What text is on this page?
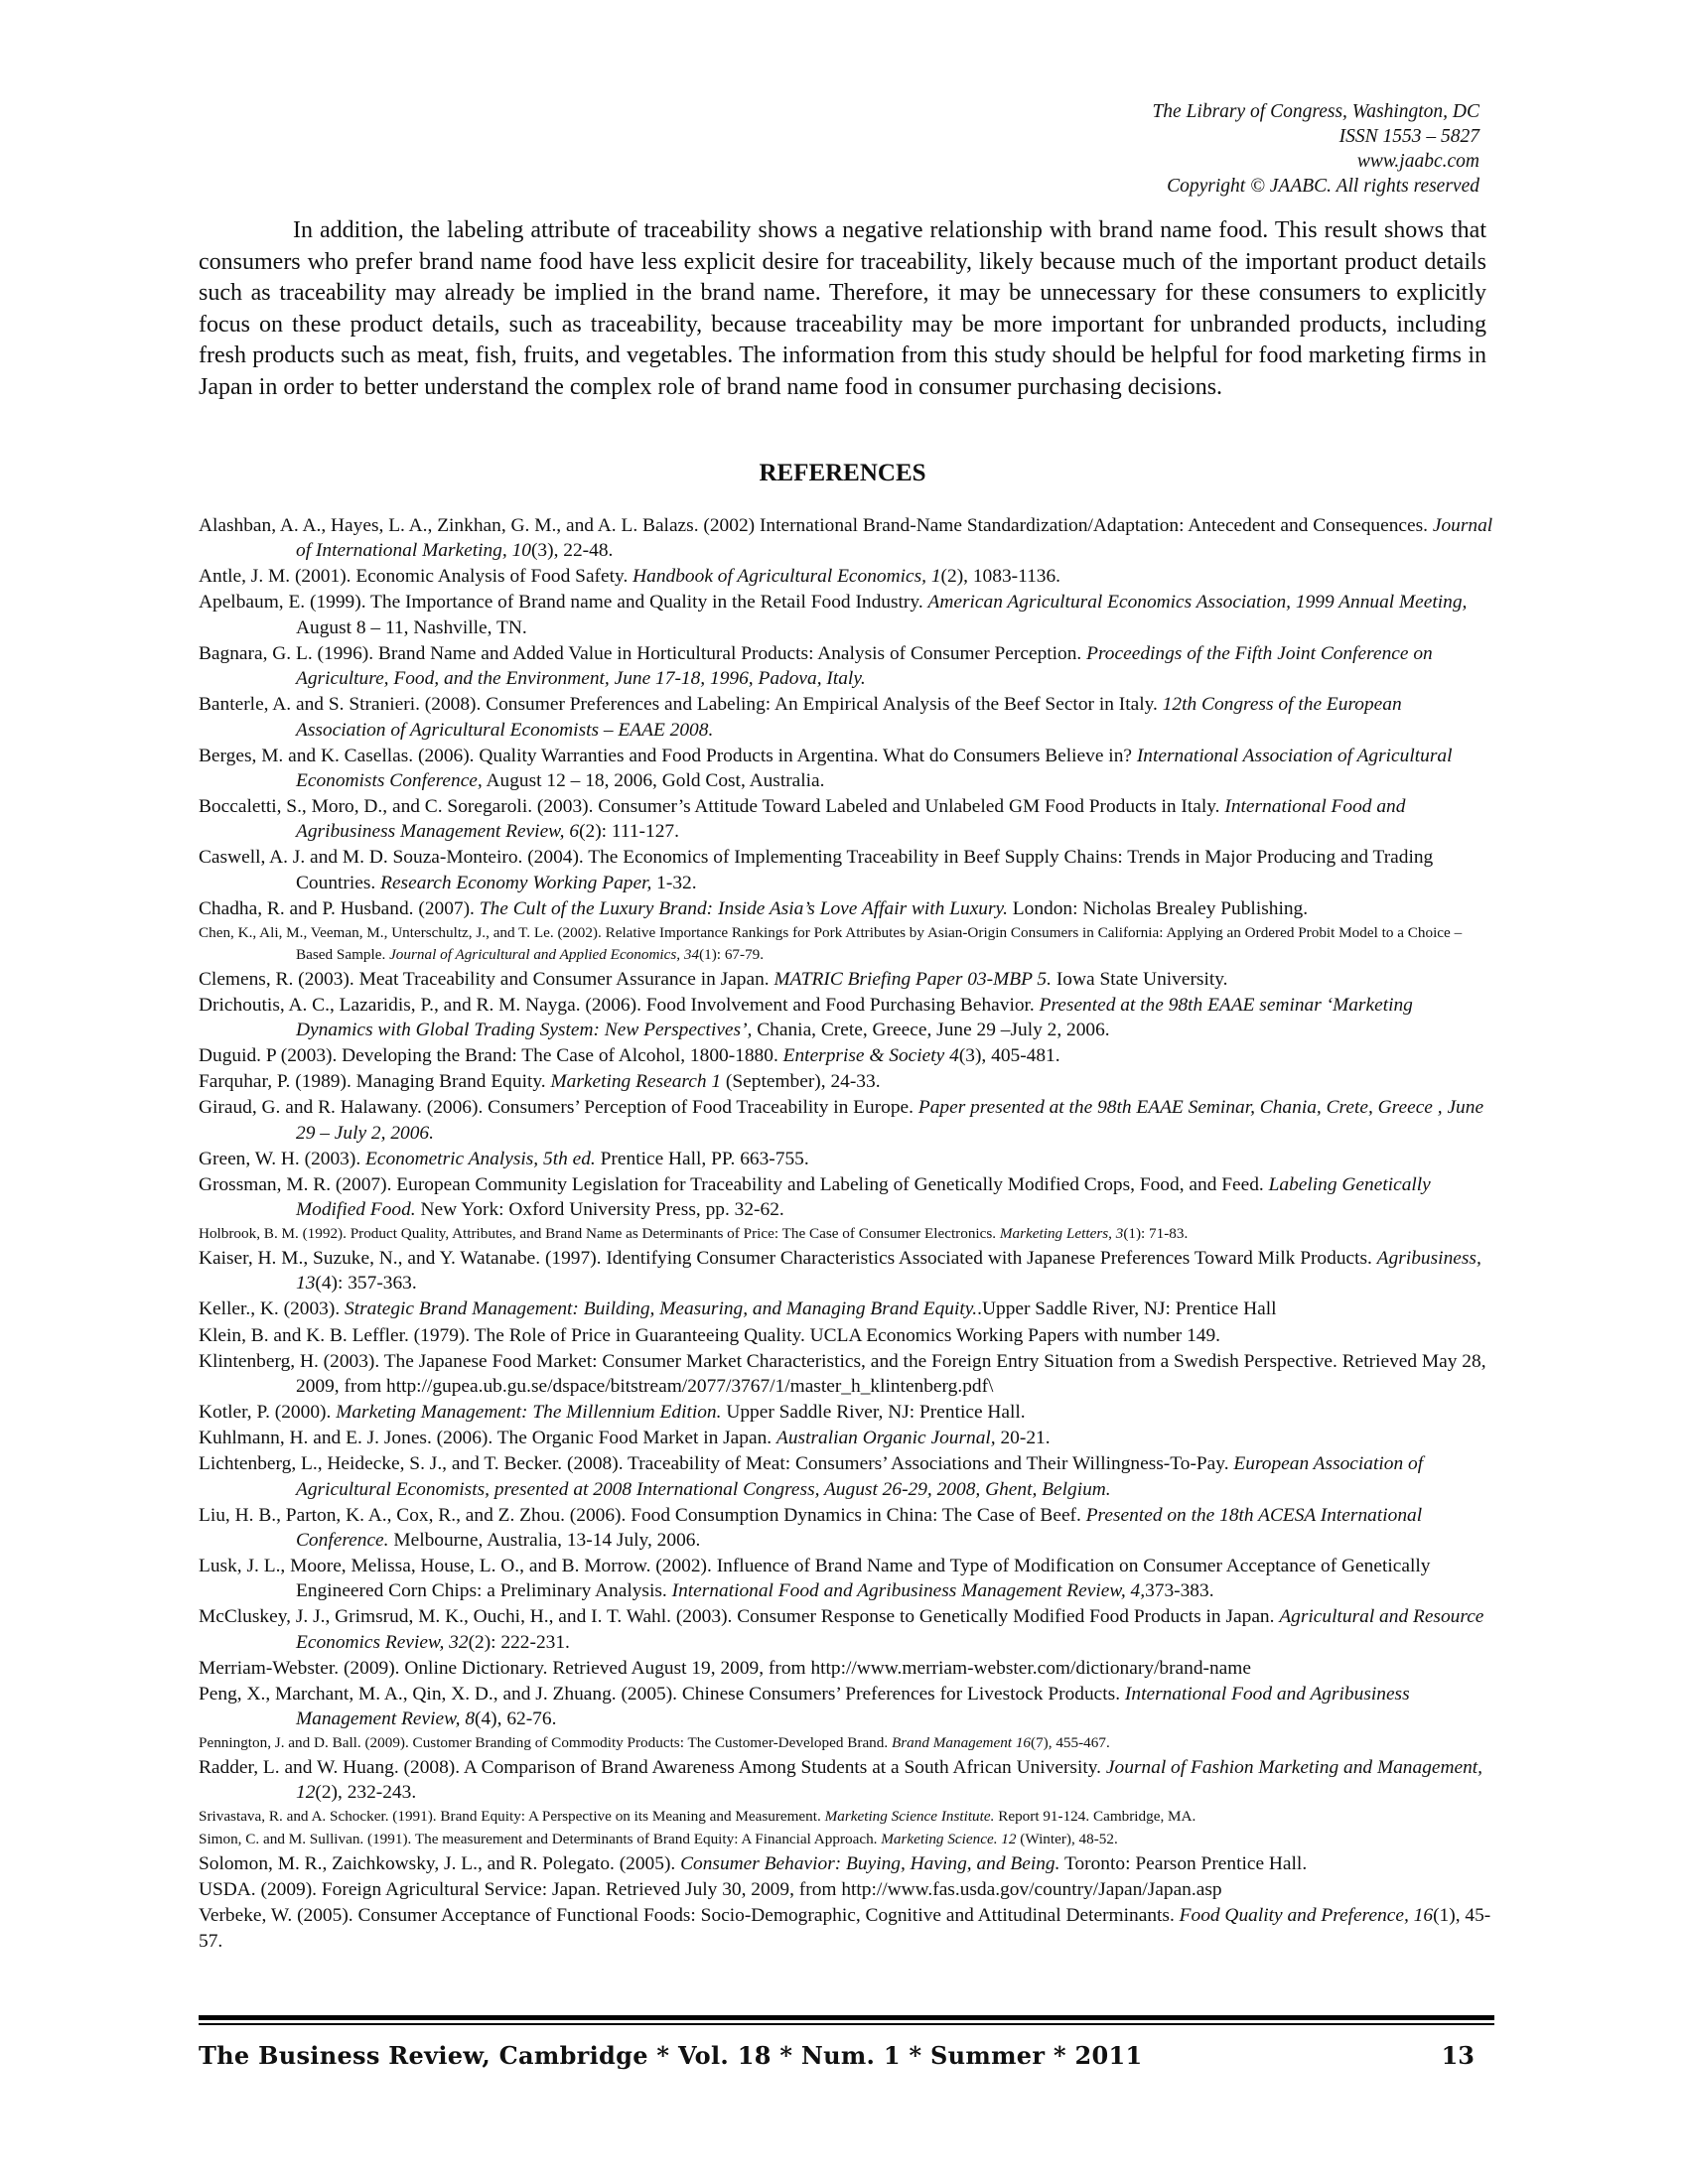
The Library of Congress, Washington, DC
ISSN 1553 – 5827
www.jaabc.com
Copyright © JAABC. All rights reserved

In addition, the labeling attribute of traceability shows a negative relationship with brand name food. This result shows that consumers who prefer brand name food have less explicit desire for traceability, likely because much of the important product details such as traceability may already be implied in the brand name. Therefore, it may be unnecessary for these consumers to explicitly focus on these product details, such as traceability, because traceability may be more important for unbranded products, including fresh products such as meat, fish, fruits, and vegetables. The information from this study should be helpful for food marketing firms in Japan in order to better understand the complex role of brand name food in consumer purchasing decisions.

REFERENCES

Alashban, A. A., Hayes, L. A., Zinkhan, G. M., and A. L. Balazs. (2002) International Brand-Name Standardization/Adaptation: Antecedent and Consequences. Journal of International Marketing, 10(3), 22-48.

Antle, J. M. (2001). Economic Analysis of Food Safety. Handbook of Agricultural Economics, 1(2), 1083-1136.

Apelbaum, E. (1999). The Importance of Brand name and Quality in the Retail Food Industry. American Agricultural Economics Association, 1999 Annual Meeting, August 8 – 11, Nashville, TN.

Bagnara, G. L. (1996). Brand Name and Added Value in Horticultural Products: Analysis of Consumer Perception. Proceedings of the Fifth Joint Conference on Agriculture, Food, and the Environment, June 17-18, 1996, Padova, Italy.

Banterle, A. and S. Stranieri. (2008). Consumer Preferences and Labeling: An Empirical Analysis of the Beef Sector in Italy. 12th Congress of the European Association of Agricultural Economists – EAAE 2008.

Berges, M. and K. Casellas. (2006). Quality Warranties and Food Products in Argentina. What do Consumers Believe in? International Association of Agricultural Economists Conference, August 12 – 18, 2006, Gold Cost, Australia.

Boccaletti, S., Moro, D., and C. Soregaroli. (2003). Consumer’s Attitude Toward Labeled and Unlabeled GM Food Products in Italy. International Food and Agribusiness Management Review, 6(2): 111-127.

Caswell, A. J. and M. D. Souza-Monteiro. (2004). The Economics of Implementing Traceability in Beef Supply Chains: Trends in Major Producing and Trading Countries. Research Economy Working Paper, 1-32.

Chadha, R. and P. Husband. (2007). The Cult of the Luxury Brand: Inside Asia’s Love Affair with Luxury. London: Nicholas Brealey Publishing.

Chen, K., Ali, M., Veeman, M., Unterschultz, J., and T. Le. (2002). Relative Importance Rankings for Pork Attributes by Asian-Origin Consumers in California: Applying an Ordered Probit Model to a Choice –Based Sample. Journal of Agricultural and Applied Economics, 34(1): 67-79.

Clemens, R. (2003). Meat Traceability and Consumer Assurance in Japan. MATRIC Briefing Paper 03-MBP 5. Iowa State University.

Drichoutis, A. C., Lazaridis, P., and R. M. Nayga. (2006). Food Involvement and Food Purchasing Behavior. Presented at the 98th EAAE seminar ‘Marketing Dynamics with Global Trading System: New Perspectives’, Chania, Crete, Greece, June 29 –July 2, 2006.

Duguid. P (2003). Developing the Brand: The Case of Alcohol, 1800-1880. Enterprise & Society 4(3), 405-481.

Farquhar, P. (1989). Managing Brand Equity. Marketing Research 1 (September), 24-33.

Giraud, G. and R. Halawany. (2006). Consumers’ Perception of Food Traceability in Europe. Paper presented at the 98th EAAE Seminar, Chania, Crete, Greece , June 29 – July 2, 2006.

Green, W. H. (2003). Econometric Analysis, 5th ed. Prentice Hall, PP. 663-755.

Grossman, M. R. (2007). European Community Legislation for Traceability and Labeling of Genetically Modified Crops, Food, and Feed. Labeling Genetically Modified Food. New York: Oxford University Press, pp. 32-62.

Holbrook, B. M. (1992). Product Quality, Attributes, and Brand Name as Determinants of Price: The Case of Consumer Electronics. Marketing Letters, 3(1): 71-83.

Kaiser, H. M., Suzuke, N., and Y. Watanabe. (1997). Identifying Consumer Characteristics Associated with Japanese Preferences Toward Milk Products. Agribusiness, 13(4): 357-363.

Keller., K. (2003). Strategic Brand Management: Building, Measuring, and Managing Brand Equity..Upper Saddle River, NJ: Prentice Hall

Klein, B. and K. B. Leffler. (1979). The Role of Price in Guaranteeing Quality. UCLA Economics Working Papers with number 149.

Klintenberg, H. (2003). The Japanese Food Market: Consumer Market Characteristics, and the Foreign Entry Situation from a Swedish Perspective. Retrieved May 28, 2009, from http://gupea.ub.gu.se/dspace/bitstream/2077/3767/1/master_h_klintenberg.pdf\

Kotler, P. (2000). Marketing Management: The Millennium Edition. Upper Saddle River, NJ: Prentice Hall.

Kuhlmann, H. and E. J. Jones. (2006). The Organic Food Market in Japan. Australian Organic Journal, 20-21.

Lichtenberg, L., Heidecke, S. J., and T. Becker. (2008). Traceability of Meat: Consumers’ Associations and Their Willingness-To-Pay. European Association of Agricultural Economists, presented at 2008 International Congress, August 26-29, 2008, Ghent, Belgium.

Liu, H. B., Parton, K. A., Cox, R., and Z. Zhou. (2006). Food Consumption Dynamics in China: The Case of Beef. Presented on the 18th ACESA International Conference. Melbourne, Australia, 13-14 July, 2006.

Lusk, J. L., Moore, Melissa, House, L. O., and B. Morrow. (2002). Influence of Brand Name and Type of Modification on Consumer Acceptance of Genetically Engineered Corn Chips: a Preliminary Analysis. International Food and Agribusiness Management Review, 4,373-383.

McCluskey, J. J., Grimsrud, M. K., Ouchi, H., and I. T. Wahl. (2003). Consumer Response to Genetically Modified Food Products in Japan. Agricultural and Resource Economics Review, 32(2): 222-231.

Merriam-Webster. (2009). Online Dictionary. Retrieved August 19, 2009, from http://www.merriam-webster.com/dictionary/brand-name

Peng, X., Marchant, M. A., Qin, X. D., and J. Zhuang. (2005). Chinese Consumers’ Preferences for Livestock Products. International Food and Agribusiness Management Review, 8(4), 62-76.

Pennington, J. and D. Ball. (2009). Customer Branding of Commodity Products: The Customer-Developed Brand. Brand Management 16(7), 455-467.

Radder, L. and W. Huang. (2008). A Comparison of Brand Awareness Among Students at a South African University. Journal of Fashion Marketing and Management, 12(2), 232-243.

Srivastava, R. and A. Schocker. (1991). Brand Equity: A Perspective on its Meaning and Measurement. Marketing Science Institute. Report 91-124. Cambridge, MA.

Simon, C. and M. Sullivan. (1991). The measurement and Determinants of Brand Equity: A Financial Approach. Marketing Science. 12 (Winter), 48-52.

Solomon, M. R., Zaichkowsky, J. L., and R. Polegato. (2005). Consumer Behavior: Buying, Having, and Being. Toronto: Pearson Prentice Hall.

USDA. (2009). Foreign Agricultural Service: Japan. Retrieved July 30, 2009, from http://www.fas.usda.gov/country/Japan/Japan.asp

Verbeke, W. (2005). Consumer Acceptance of Functional Foods: Socio-Demographic, Cognitive and Attitudinal Determinants. Food Quality and Preference, 16(1), 45-57.

The Business Review, Cambridge * Vol. 18 * Num. 1 * Summer * 2011	13
